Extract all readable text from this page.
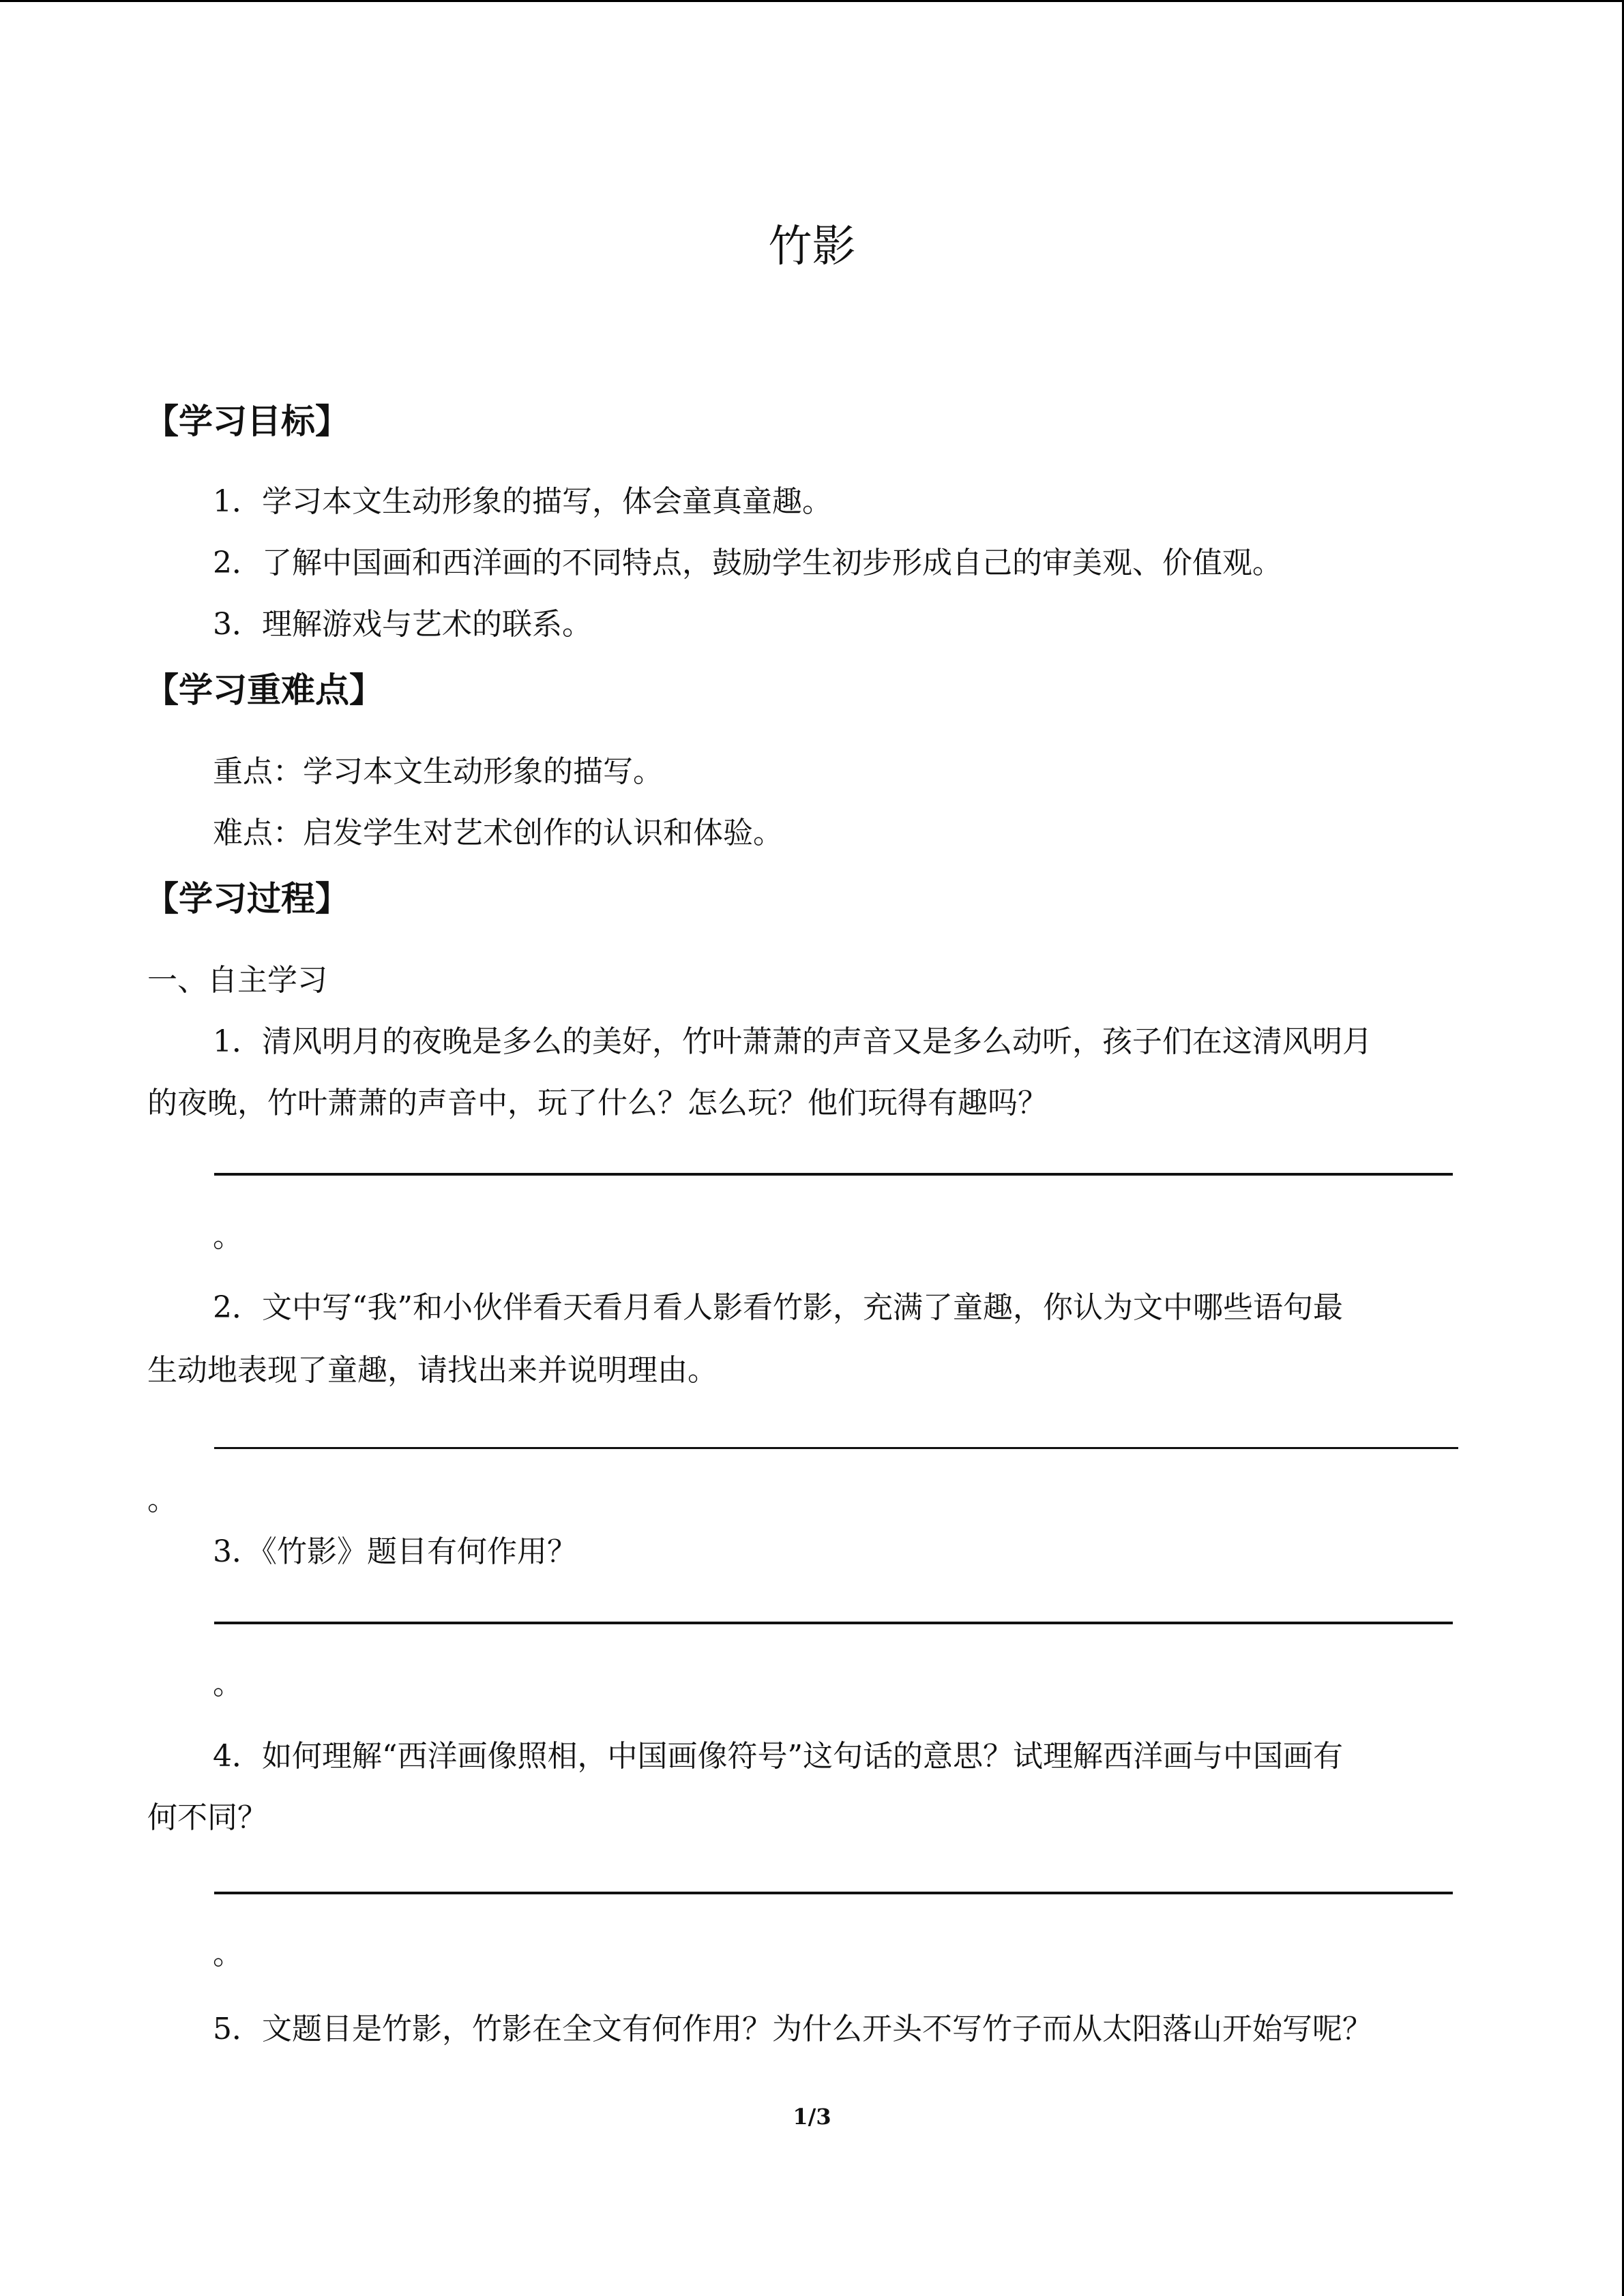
竹影
【学习目标】
1．学习本文生动形象的描写，体会童真童趣。
2．了解中国画和西洋画的不同特点，鼓励学生初步形成自己的审美观、价值观。
3．理解游戏与艺术的联系。
【学习重难点】
重点：学习本文生动形象的描写。
难点：启发学生对艺术创作的认识和体验。
【学习过程】
一、自主学习
1．清风明月的夜晚是多么的美好，竹叶萧萧的声音又是多么动听，孩子们在这清风明月
的夜晚，竹叶萧萧的声音中，玩了什么？怎么玩？他们玩得有趣吗？
。
2．文中写“我”和小伙伴看天看月看人影看竹影，充满了童趣，你认为文中哪些语句最
生动地表现了童趣，请找出来并说明理由。
。
3．《竹影》题目有何作用？
。
4．如何理解“西洋画像照相，中国画像符号”这句话的意思？试理解西洋画与中国画有
何不同？
。
5．文题目是竹影，竹影在全文有何作用？为什么开头不写竹子而从太阳落山开始写呢？
1/3
